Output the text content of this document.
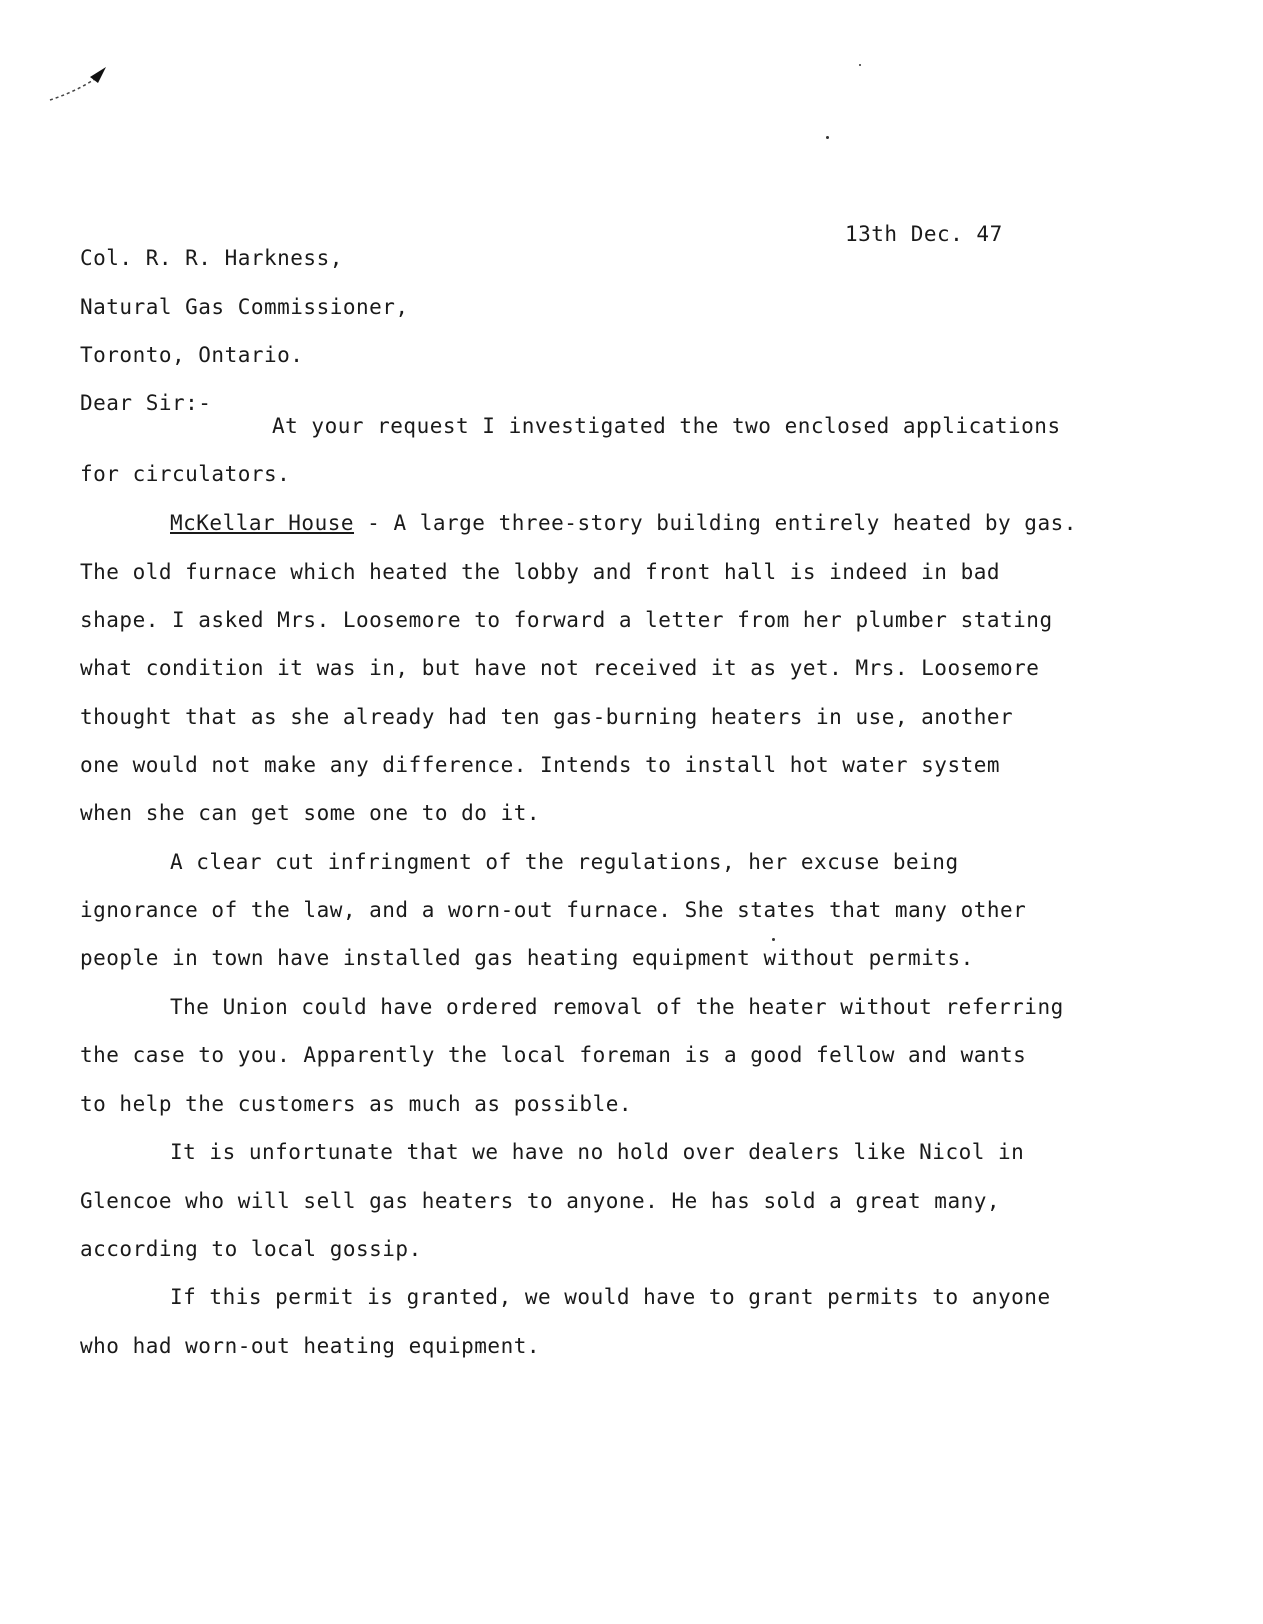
13th Dec. 47
Col. R. R. Harkness,
Natural Gas Commissioner,
Toronto, Ontario.
Dear Sir:-
At your request I investigated the two enclosed applications
for circulators.
McKellar House - A large three-story building entirely heated by gas.
The old furnace which heated the lobby and front hall is indeed in bad
shape. I asked Mrs. Loosemore to forward a letter from her plumber stating
what condition it was in, but have not received it as yet. Mrs. Loosemore
thought that as she already had ten gas-burning heaters in use, another
one would not make any difference. Intends to install hot water system
when she can get some one to do it.
A clear cut infringment of the regulations, her excuse being
ignorance of the law, and a worn-out furnace. She states that many other
people in town have installed gas heating equipment without permits.
The Union could have ordered removal of the heater without referring
the case to you. Apparently the local foreman is a good fellow and wants
to help the customers as much as possible.
It is unfortunate that we have no hold over dealers like Nicol in
Glencoe who will sell gas heaters to anyone. He has sold a great many,
according to local gossip.
If this permit is granted, we would have to grant permits to anyone
who had worn-out heating equipment.
